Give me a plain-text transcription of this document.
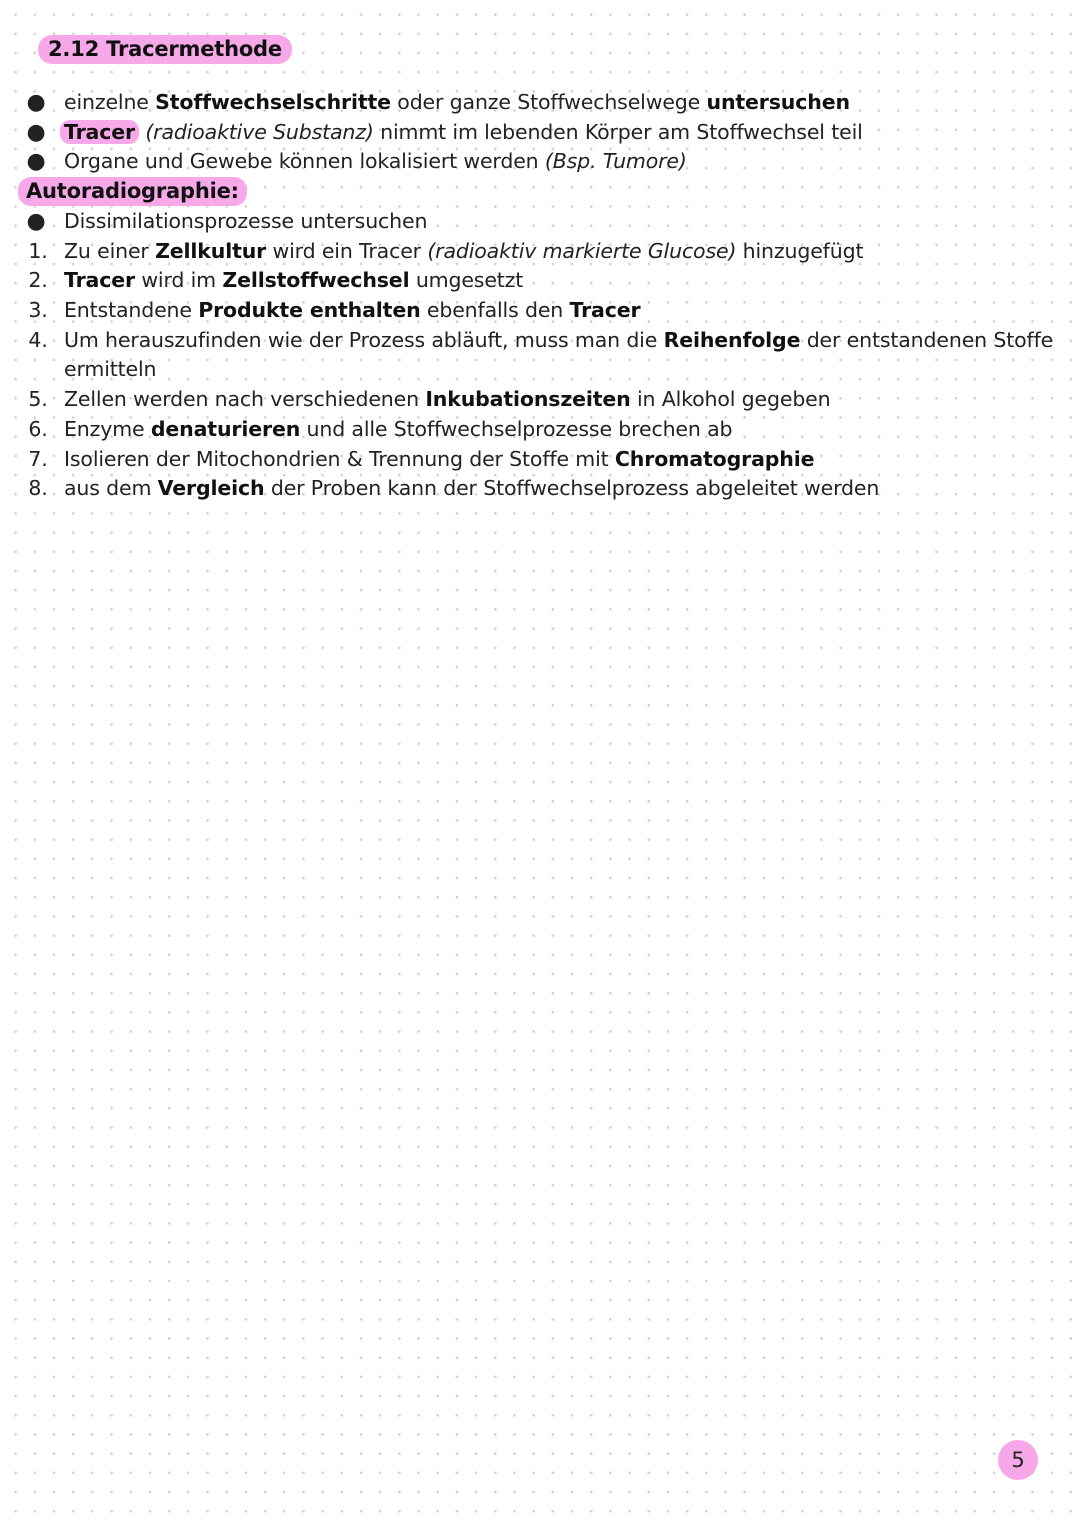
2.12 Tracermethode
● einzelne Stoffwechselschritte oder ganze Stoffwechselwege untersuchen
● Tracer (radioaktive Substanz) nimmt im lebenden Körper am Stoffwechsel teil
● Organe und Gewebe können lokalisiert werden (Bsp. Tumore)
Autoradiographie:
● Dissimilationsprozesse untersuchen
1. Zu einer Zellkultur wird ein Tracer (radioaktiv markierte Glucose) hinzugefügt
2. Tracer wird im Zellstoffwechsel umgesetzt
3. Entstandene Produkte enthalten ebenfalls den Tracer
4. Um herauszufinden wie der Prozess abläuft, muss man die Reihenfolge der entstandenen Stoffe
ermitteln
5. Zellen werden nach verschiedenen Inkubationszeiten in Alkohol gegeben
6. Enzyme denaturieren und alle Stoffwechselprozesse brechen ab
7. Isolieren der Mitochondrien & Trennung der Stoffe mit Chromatographie
8. aus dem Vergleich der Proben kann der Stoffwechselprozess abgeleitet werden
5
